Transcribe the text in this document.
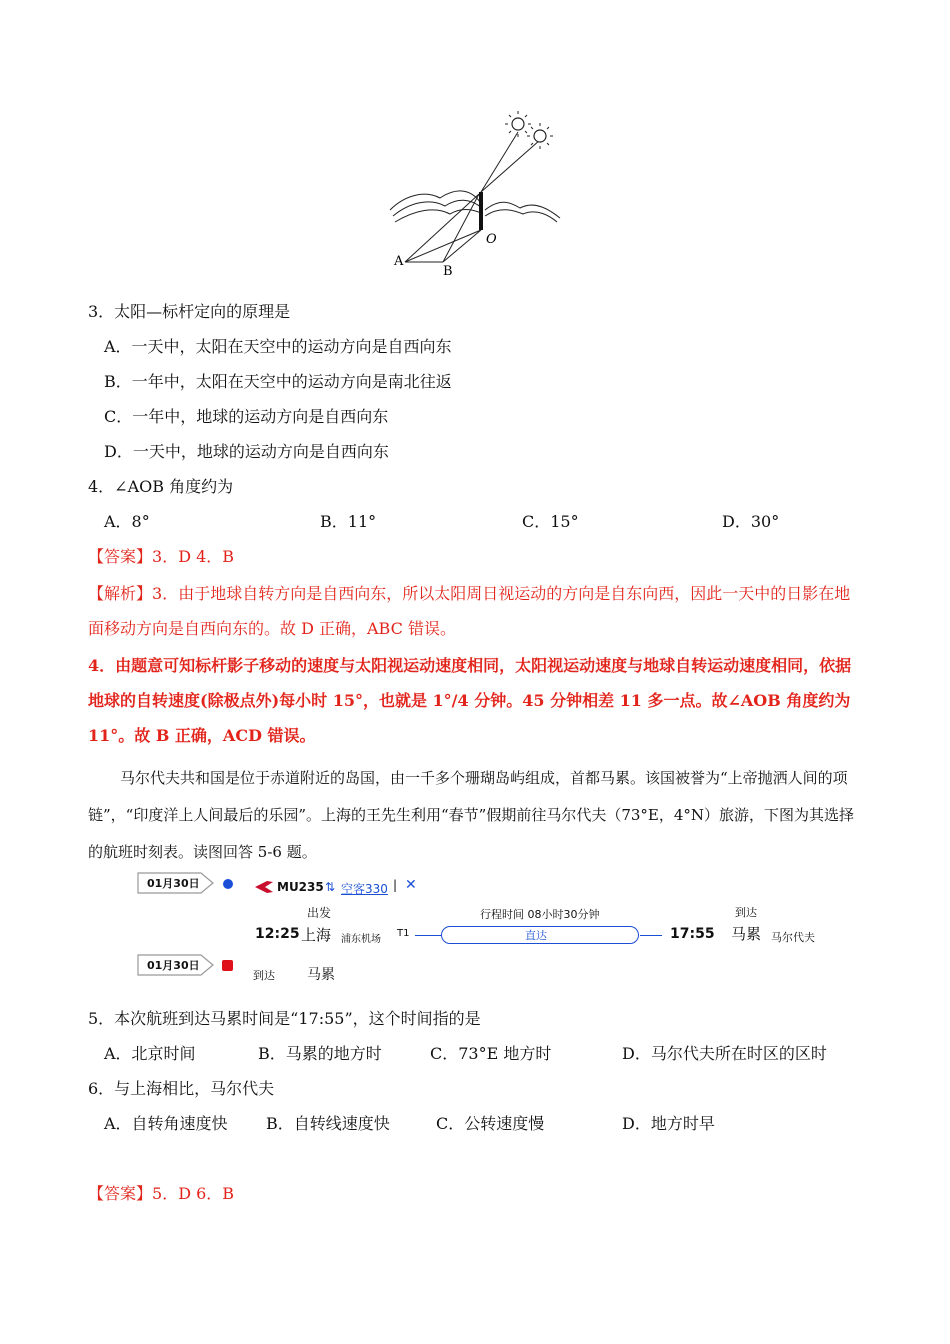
A
B
O
3．太阳—标杆定向的原理是
A．一天中，太阳在天空中的运动方向是自西向东
B．一年中，太阳在天空中的运动方向是南北往返
C．一年中，地球的运动方向是自西向东
D．一天中，地球的运动方向是自西向东
4．∠AOB 角度约为
A．8°	B．11°	C．15°	D．30°
【答案】3．D 4．B
【解析】3．由于地球自转方向是自西向东，所以太阳周日视运动的方向是自东向西，因此一天中的日影在地面移动方向是自西向东的。故 D 正确，ABC 错误。
4．由题意可知标杆影子移动的速度与太阳视运动速度相同，太阳视运动速度与地球自转运动速度相同，依据地球的自转速度(除极点外)每小时 15°，也就是 1°/4 分钟。45 分钟相差 11 多一点。故∠AOB 角度约为 11°。故 B 正确，ACD 错误。
马尔代夫共和国是位于赤道附近的岛国，由一千多个珊瑚岛屿组成，首都马累。该国被誉为“上帝抛洒人间的项链”，“印度洋上人间最后的乐园”。上海的王先生利用“春节”假期前往马尔代夫（73°E，4°N）旅游，下图为其选择的航班时刻表。读图回答 5-6 题。
01月30日
01月30日
MU235 ⇅ 空客330 | ✕
出发
12:25 上海 浦东机场
T1
行程时间 08小时30分钟
直达	17:55
到达
马累 马尔代夫
到达 马累
5．本次航班到达马累时间是“17:55”，这个时间指的是
A．北京时间	B．马累的地方时	C．73°E 地方时	D．马尔代夫所在时区的区时
6．与上海相比，马尔代夫
A．自转角速度快 B．自转线速度快	C．公转速度慢	D．地方时早
【答案】5．D 6．B
